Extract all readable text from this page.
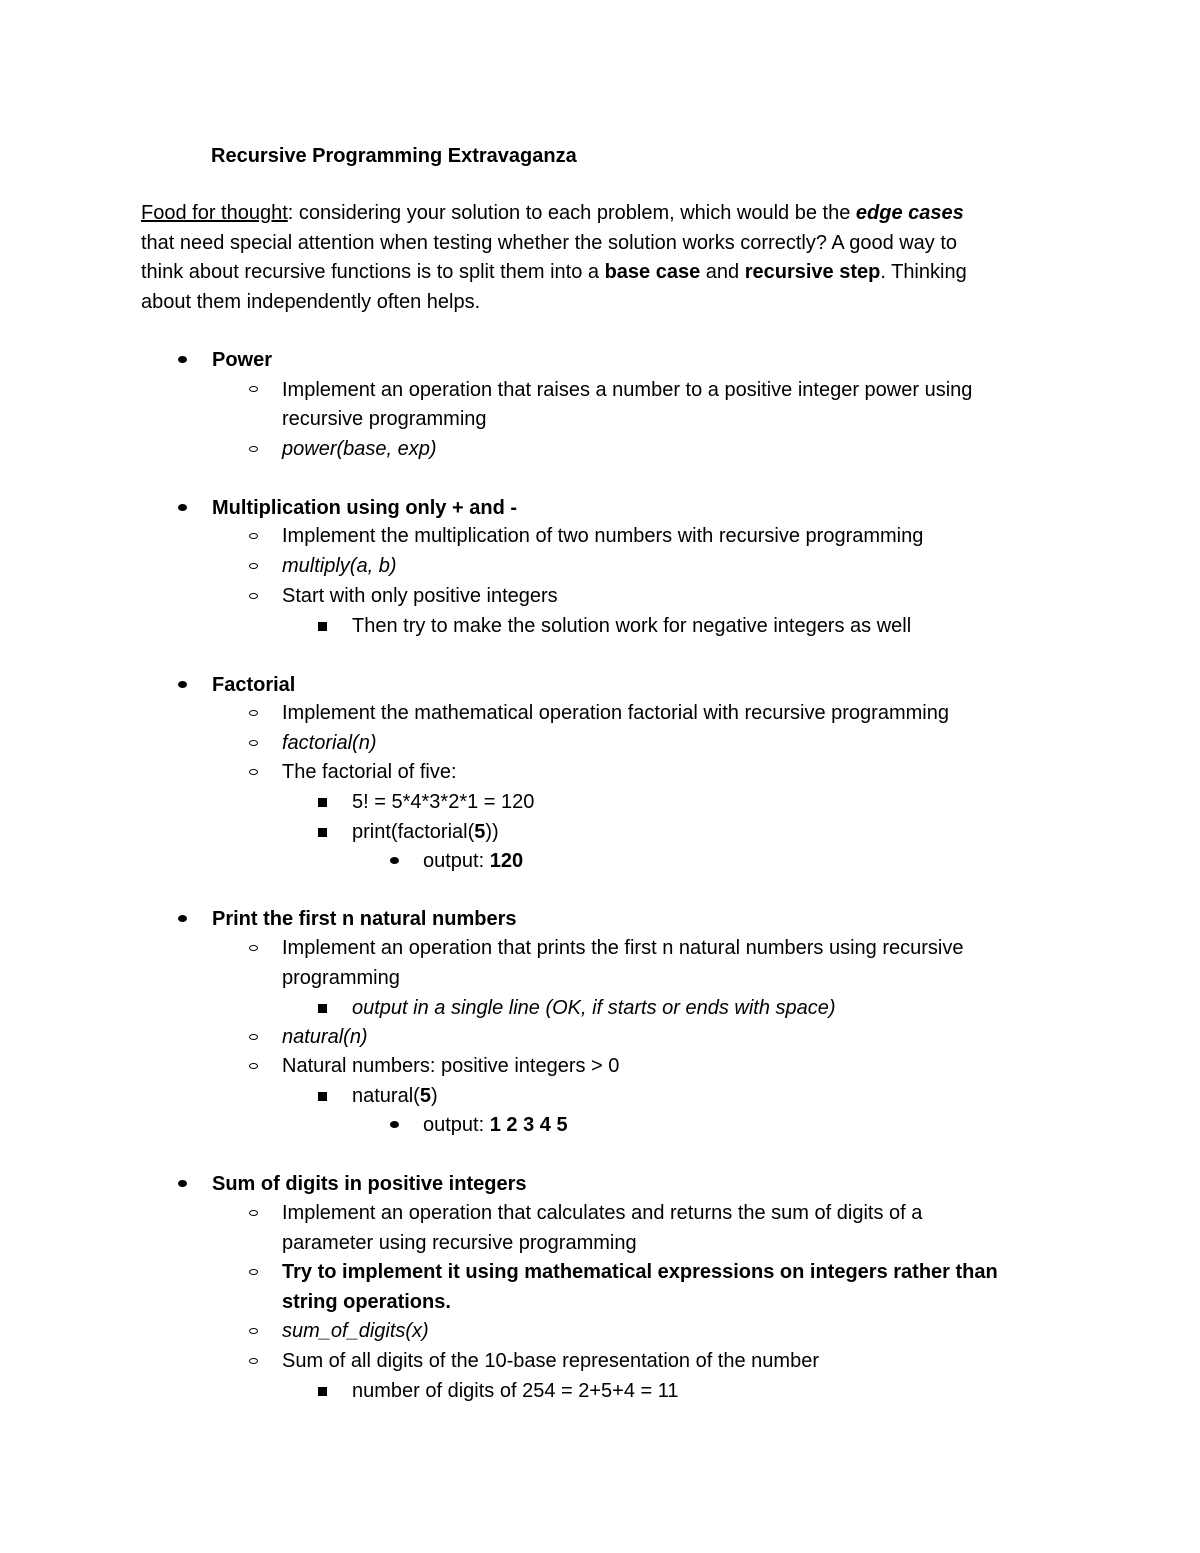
Recursive Programming Extravaganza
Food for thought: considering your solution to each problem, which would be the edge cases
that need special attention when testing whether the solution works correctly? A good way to
think about recursive functions is to split them into a base case and recursive step. Thinking
about them independently often helps.
Power
Implement an operation that raises a number to a positive integer power using
recursive programming
power(base, exp)
Multiplication using only + and -
Implement the multiplication of two numbers with recursive programming
multiply(a, b)
Start with only positive integers
Then try to make the solution work for negative integers as well
Factorial
Implement the mathematical operation factorial with recursive programming
factorial(n)
The factorial of five:
5! = 5*4*3*2*1 = 120
print(factorial(5))
output: 120
Print the first n natural numbers
Implement an operation that prints the first n natural numbers using recursive
programming
output in a single line (OK, if starts or ends with space)
natural(n)
Natural numbers: positive integers > 0
natural(5)
output: 1 2 3 4 5
Sum of digits in positive integers
Implement an operation that calculates and returns the sum of digits of a
parameter using recursive programming
Try to implement it using mathematical expressions on integers rather than
string operations.
sum_of_digits(x)
Sum of all digits of the 10-base representation of the number
number of digits of 254 = 2+5+4 = 11
